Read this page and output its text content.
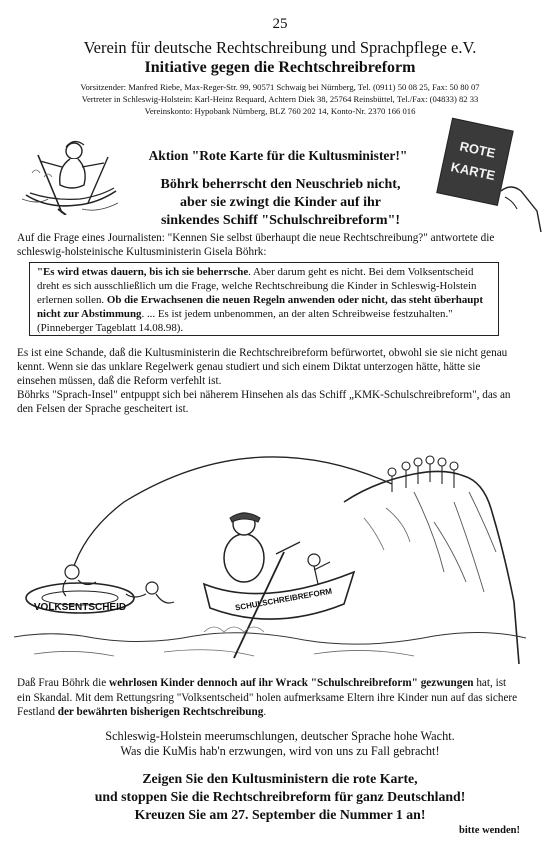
25
Verein für deutsche Rechtschreibung und Sprachpflege e.V.
Initiative gegen die Rechtschreibreform
Vorsitzender: Manfred Riebe, Max-Reger-Str. 99, 90571 Schwaig bei Nürnberg, Tel. (0911) 50 08 25, Fax: 50 80 07
Vertreter in Schleswig-Holstein: Karl-Heinz Requard, Achtern Diek 38, 25764 Reinsbüttel, Tel./Fax: (04833) 82 33
Vereinskonto: Hypobank Nürnberg, BLZ 760 202 14, Konto-Nr. 2370 166 016
ROTE
KARTE
Aktion "Rote Karte für die Kultusminister!"
Böhrk beherrscht den Neuschrieb nicht,
aber sie zwingt die Kinder auf ihr
sinkendes Schiff "Schulschreibreform"!
Auf die Frage eines Journalisten: "Kennen Sie selbst überhaupt die neue Rechtschreibung?" antwortete die schleswig-holsteinische Kultusministerin Gisela Böhrk:
"Es wird etwas dauern, bis ich sie beherrsche. Aber darum geht es nicht. Bei dem Volksentscheid dreht es sich ausschließlich um die Frage, welche Rechtschreibung die Kinder in Schleswig-Holstein erlernen sollen. Ob die Erwachsenen die neuen Regeln anwenden oder nicht, das steht überhaupt nicht zur Abstimmung. ... Es ist jedem unbenommen, an der alten Schreibweise festzuhalten." (Pinneberger Tageblatt 14.08.98).
Es ist eine Schande, daß die Kultusministerin die Rechtschreibreform befürwortet, obwohl sie sie nicht genau kennt. Wenn sie das unklare Regelwerk genau studiert und sich einem Diktat unterzogen hätte, hätte sie einsehen müssen, daß die Reform verfehlt ist.
Böhrks "Sprach-Insel" entpuppt sich bei näherem Hinsehen als das Schiff „KMK-Schulschreibreform", das an den Felsen der Sprache gescheitert ist.
VOLKSENTSCHEID	SCHULSCHREIBREFORM
Daß Frau Böhrk die wehrlosen Kinder dennoch auf ihr Wrack "Schulschreibreform" gezwungen hat, ist ein Skandal. Mit dem Rettungsring "Volksentscheid" holen aufmerksame Eltern ihre Kinder nun auf das sichere Festland der bewährten bisherigen Rechtschreibung.
Schleswig-Holstein meerumschlungen, deutscher Sprache hohe Wacht.
Was die KuMis hab'n erzwungen, wird von uns zu Fall gebracht!
Zeigen Sie den Kultusministern die rote Karte,
und stoppen Sie die Rechtschreibreform für ganz Deutschland!
Kreuzen Sie am 27. September die Nummer 1 an!
bitte wenden!
